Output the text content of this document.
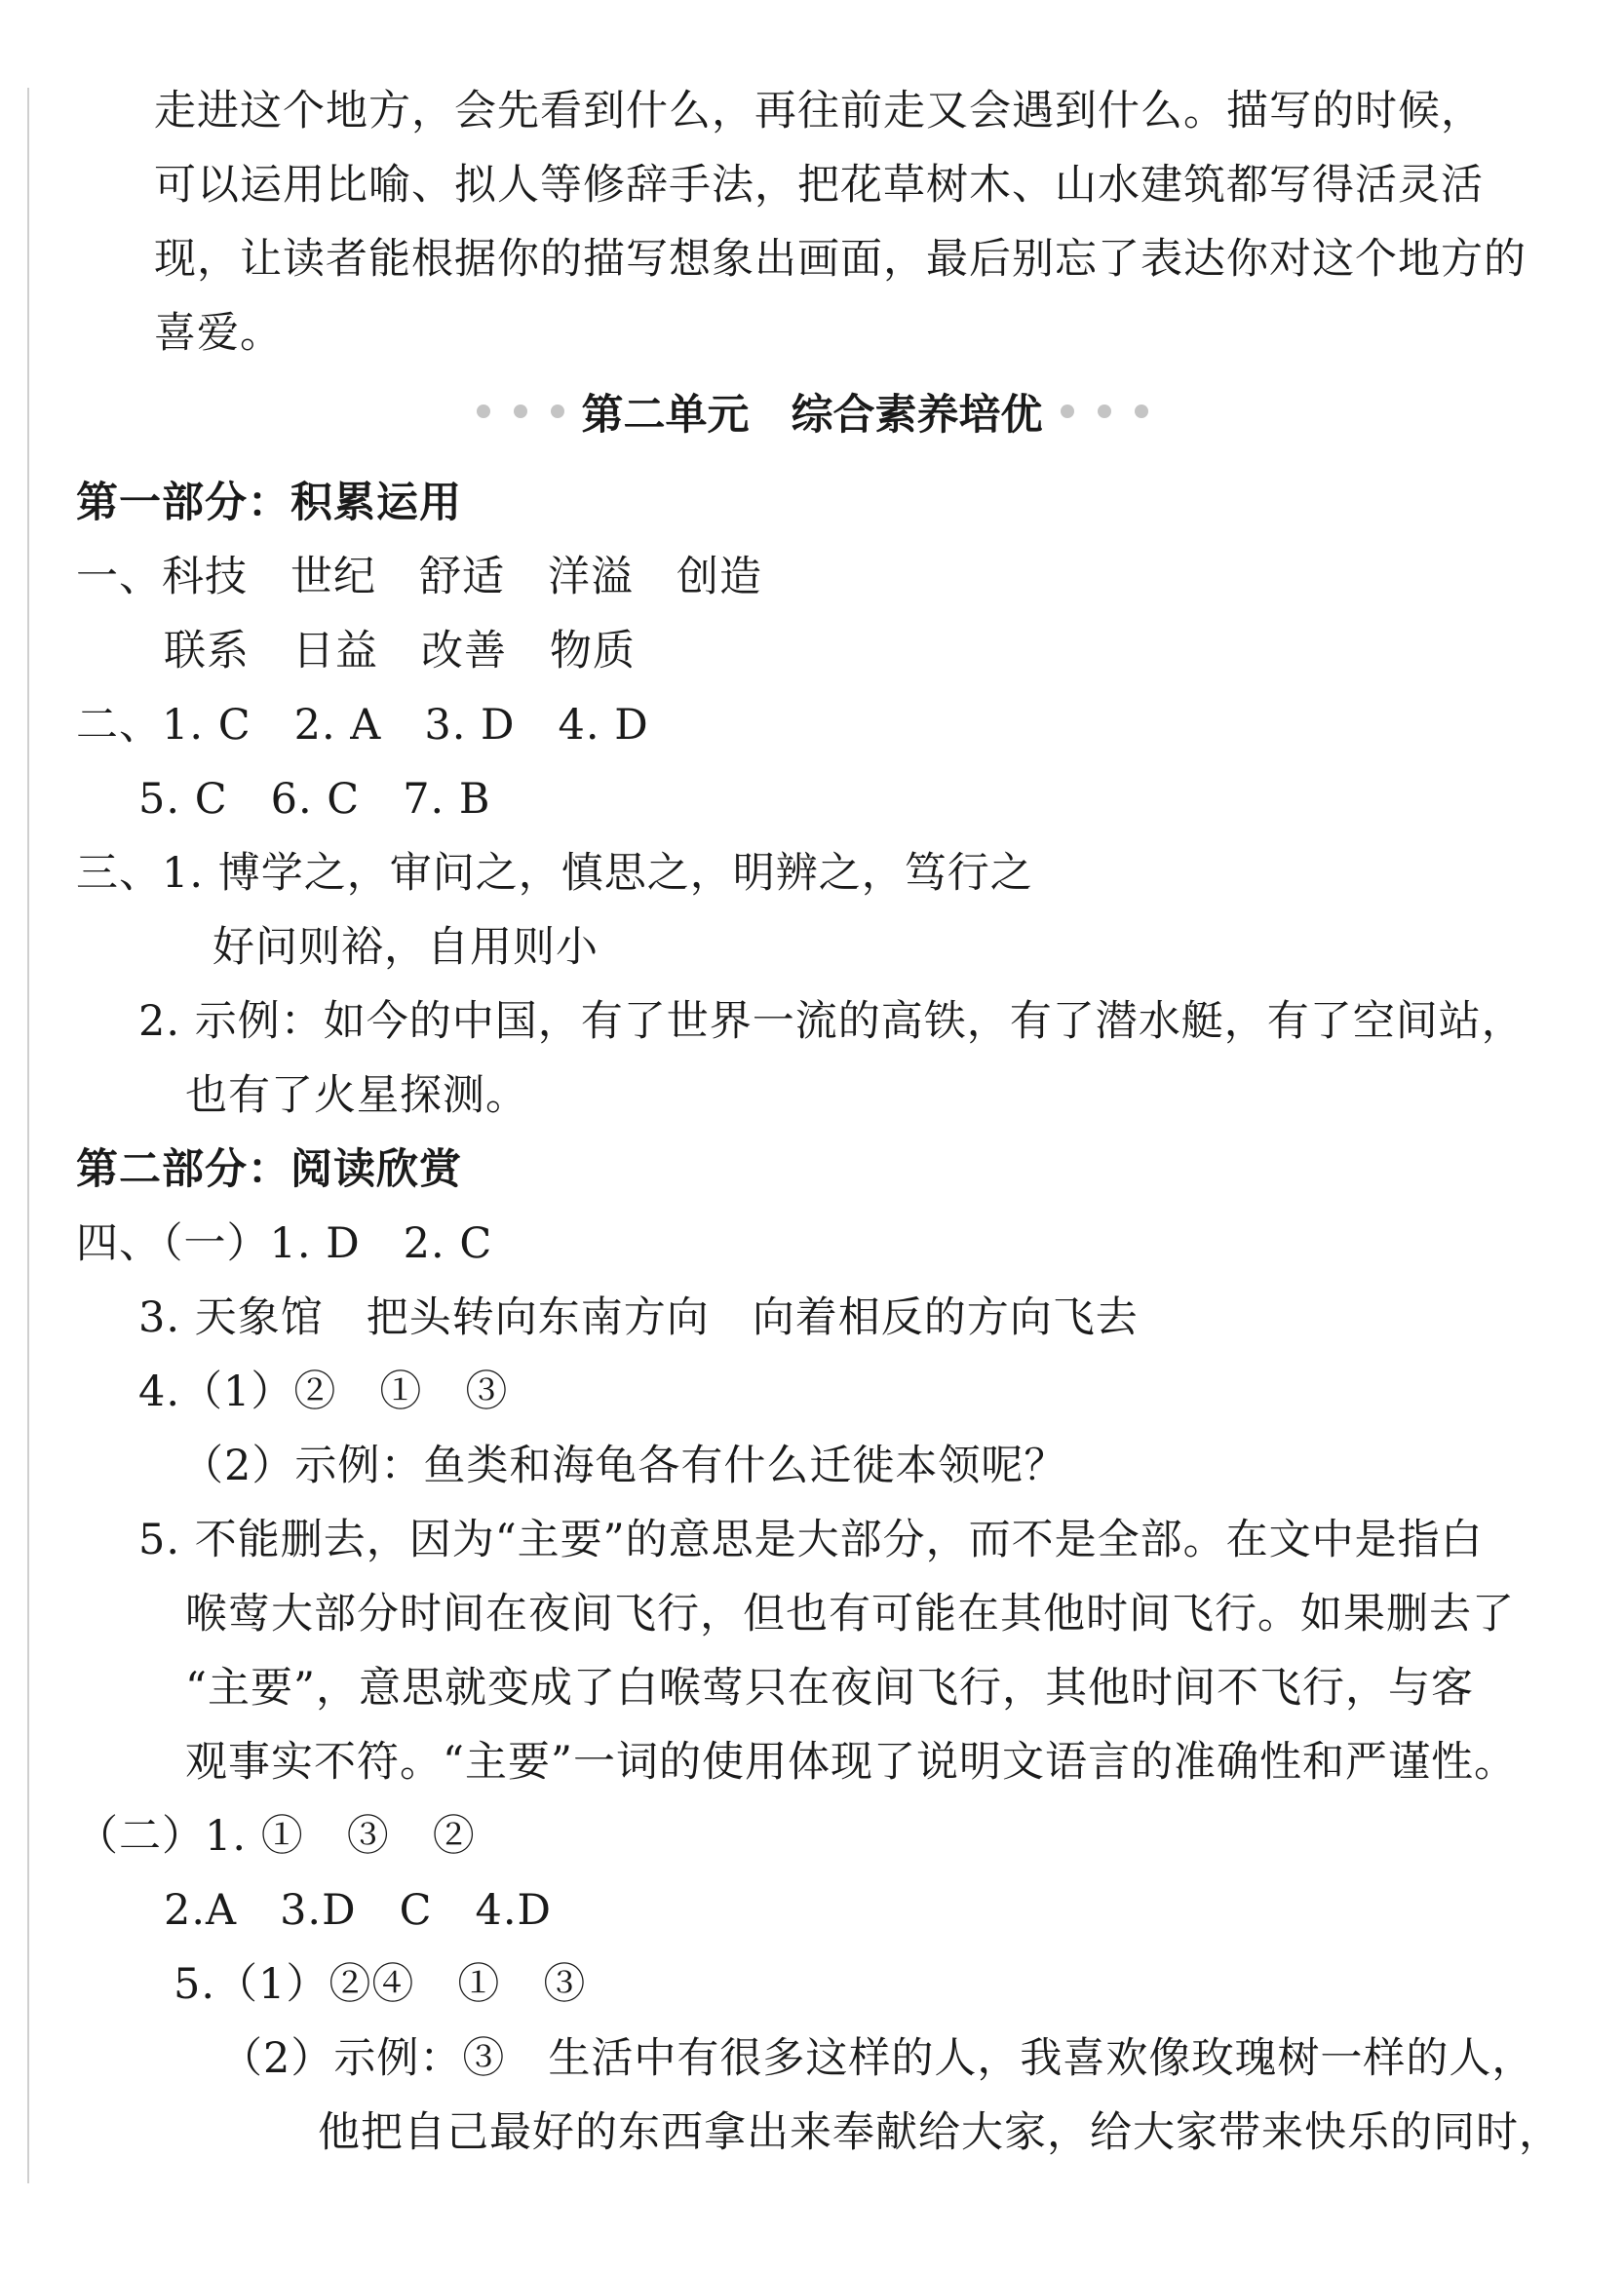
走进这个地方，会先看到什么，再往前走又会遇到什么。描写的时候，
可以运用比喻、拟人等修辞手法，把花草树木、山水建筑都写得活灵活
现，让读者能根据你的描写想象出画面，最后别忘了表达你对这个地方的
喜爱。
第二单元　综合素养培优
第一部分：积累运用
一、科技　世纪　舒适　洋溢　创造
联系　日益　改善　物质
二、1. C　2. A　3. D　4. D
5. C　6. C　7. B
三、1. 博学之，审问之，慎思之，明辨之，笃行之
好问则裕，自用则小
2. 示例：如今的中国，有了世界一流的高铁，有了潜水艇，有了空间站，
也有了火星探测。
第二部分：阅读欣赏
四、（一）1. D　2. C
3. 天象馆　把头转向东南方向　向着相反的方向飞去
4.（1）②　①　③
（2）示例：鱼类和海龟各有什么迁徙本领呢？
5. 不能删去，因为“主要”的意思是大部分，而不是全部。在文中是指白
喉莺大部分时间在夜间飞行，但也有可能在其他时间飞行。如果删去了
“主要”，意思就变成了白喉莺只在夜间飞行，其他时间不飞行，与客
观事实不符。“主要”一词的使用体现了说明文语言的准确性和严谨性。
（二）1. ①　③　②
2.A　3.D　C　4.D
5.（1）②④　①　③
（2）示例：③　生活中有很多这样的人，我喜欢像玫瑰树一样的人，
他把自己最好的东西拿出来奉献给大家，给大家带来快乐的同时，
